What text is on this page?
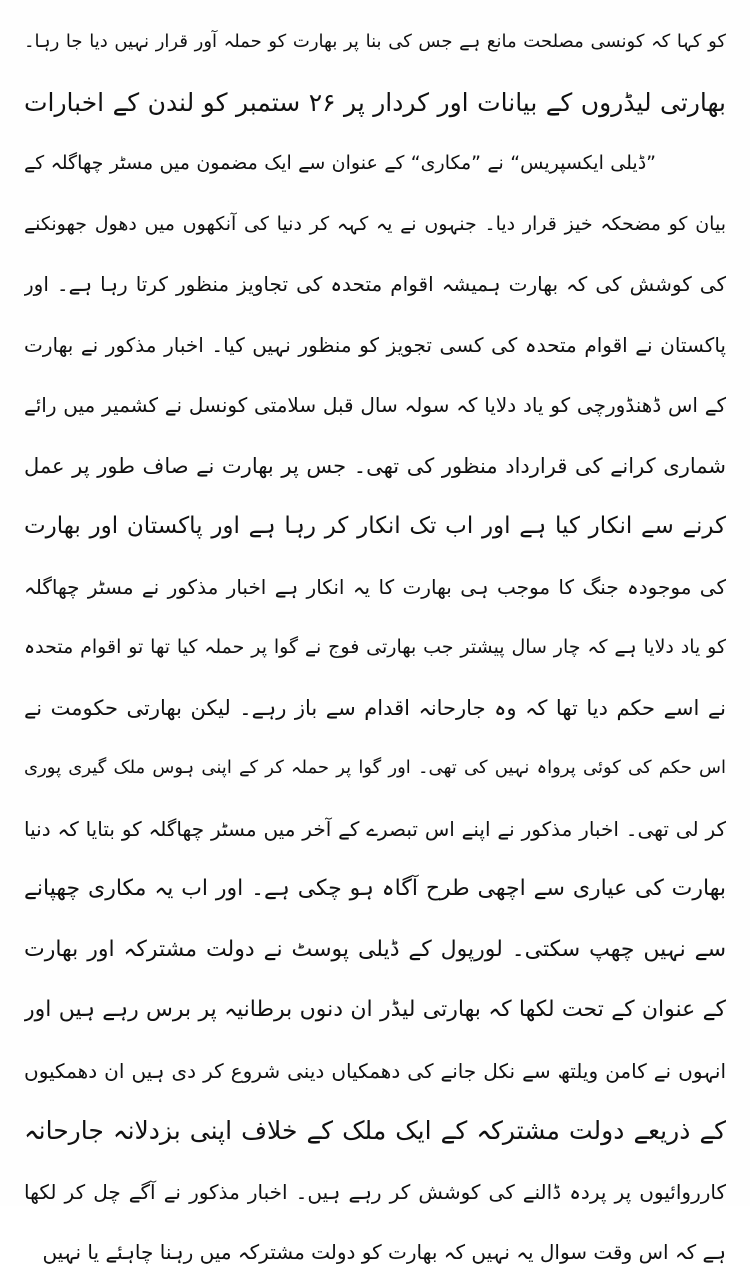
کو کہا کہ کونسی مصلحت مانع ہے جس کی بنا پر بھارت کو حملہ آور قرار نہیں دیا جا رہا۔
بھارتی لیڈروں کے بیانات اور کردار پر ۲۶ ستمبر کو لندن کے اخبارات
”ڈیلی ایکسپریس“ نے ”مکاری“ کے عنوان سے ایک مضمون میں مسٹر چھاگلہ کے
بیان کو مضحکہ خیز قرار دیا۔ جنہوں نے یہ کہہ کر دنیا کی آنکھوں میں دھول جھونکنے
کی کوشش کی کہ بھارت ہمیشہ اقوام متحدہ کی تجاویز منظور کرتا رہا ہے۔ اور
پاکستان نے اقوام متحدہ کی کسی تجویز کو منظور نہیں کیا۔ اخبار مذکور نے بھارت
کے اس ڈھنڈورچی کو یاد دلایا کہ سولہ سال قبل سلامتی کونسل نے کشمیر میں رائے
شماری کرانے کی قرارداد منظور کی تھی۔ جس پر بھارت نے صاف طور پر عمل
کرنے سے انکار کیا ہے اور اب تک انکار کر رہا ہے اور پاکستان اور بھارت
کی موجودہ جنگ کا موجب ہی بھارت کا یہ انکار ہے اخبار مذکور نے مسٹر چھاگلہ
کو یاد دلایا ہے کہ چار سال پیشتر جب بھارتی فوج نے گوا پر حملہ کیا تھا تو اقوام متحدہ
نے اسے حکم دیا تھا کہ وہ جارحانہ اقدام سے باز رہے۔ لیکن بھارتی حکومت نے
اس حکم کی کوئی پرواہ نہیں کی تھی۔ اور گوا پر حملہ کر کے اپنی ہوس ملک گیری پوری
کر لی تھی۔ اخبار مذکور نے اپنے اس تبصرے کے آخر میں مسٹر چھاگلہ کو بتایا کہ دنیا
بھارت کی عیاری سے اچھی طرح آگاہ ہو چکی ہے۔ اور اب یہ مکاری چھپانے
سے نہیں چھپ سکتی۔ لورپول کے ڈیلی پوسٹ نے دولت مشترکہ اور بھارت
کے عنوان کے تحت لکھا کہ بھارتی لیڈر ان دنوں برطانیہ پر برس رہے ہیں اور
انہوں نے کامن ویلتھ سے نکل جانے کی دھمکیاں دینی شروع کر دی ہیں ان دھمکیوں
کے ذریعے دولت مشترکہ کے ایک ملک کے خلاف اپنی بزدلانہ جارحانہ
کارروائیوں پر پردہ ڈالنے کی کوشش کر رہے ہیں۔ اخبار مذکور نے آگے چل کر لکھا
ہے کہ اس وقت سوال یہ نہیں کہ بھارت کو دولت مشترکہ میں رہنا چاہئے یا نہیں
